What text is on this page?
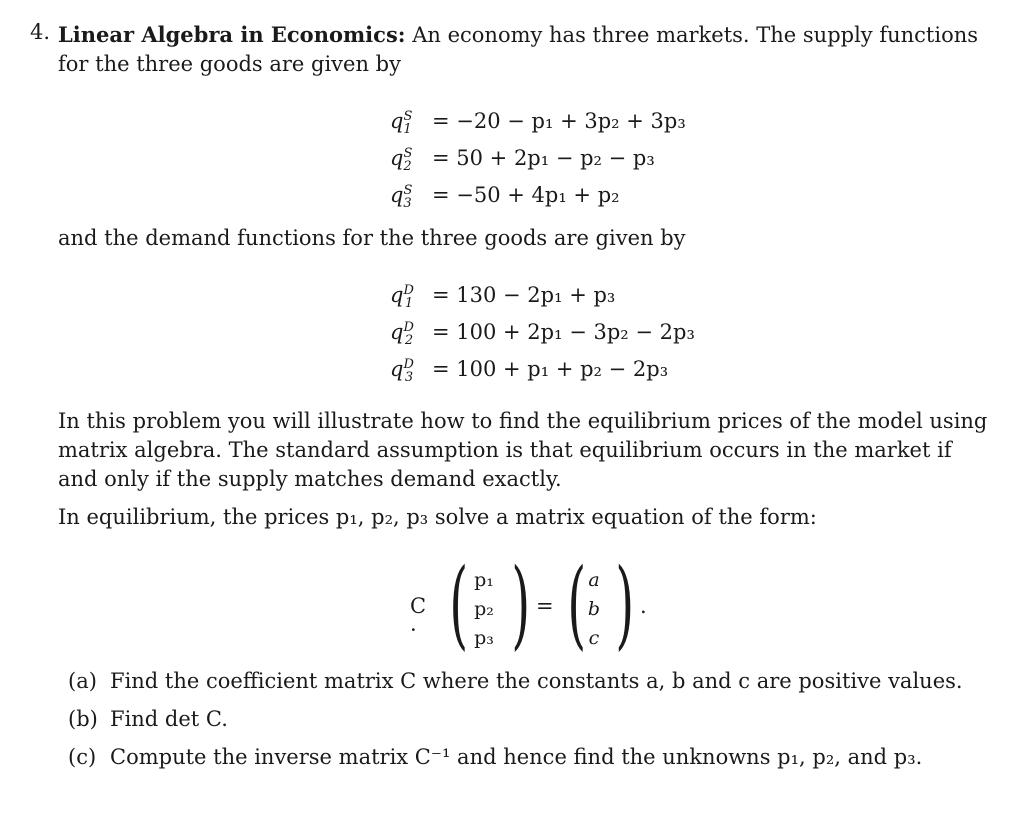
4. Linear Algebra in Economics: An economy has three markets. The supply functions for the three goods are given by
$q^S_1 = -20 - p_1 + 3p_2 + 3p_3$
$q^S_2 = 50 + 2p_1 - p_2 - p_3$
$q^S_3 = -50 + 4p_1 + p_2$
and the demand functions for the three goods are given by
$q^D_1 = 130 - 2p_1 + p_3$
$q^D_2 = 100 + 2p_1 - 3p_2 - 2p_3$
$q^D_3 = 100 + p_1 + p_2 - 2p_3$
In this problem you will illustrate how to find the equilibrium prices of the model using matrix algebra. The standard assumption is that equilibrium occurs in the market if and only if the supply matches demand exactly.
In equilibrium, the prices p₁, p₂, p₃ solve a matrix equation of the form:
C · ( p₁
p₂
p₃ ) = ( a
b
c ) .
(a) Find the coefficient matrix C where the constants a, b and c are positive values.
(b) Find det C.
(c) Compute the inverse matrix C⁻¹ and hence find the unknowns p₁, p₂, and p₃.
